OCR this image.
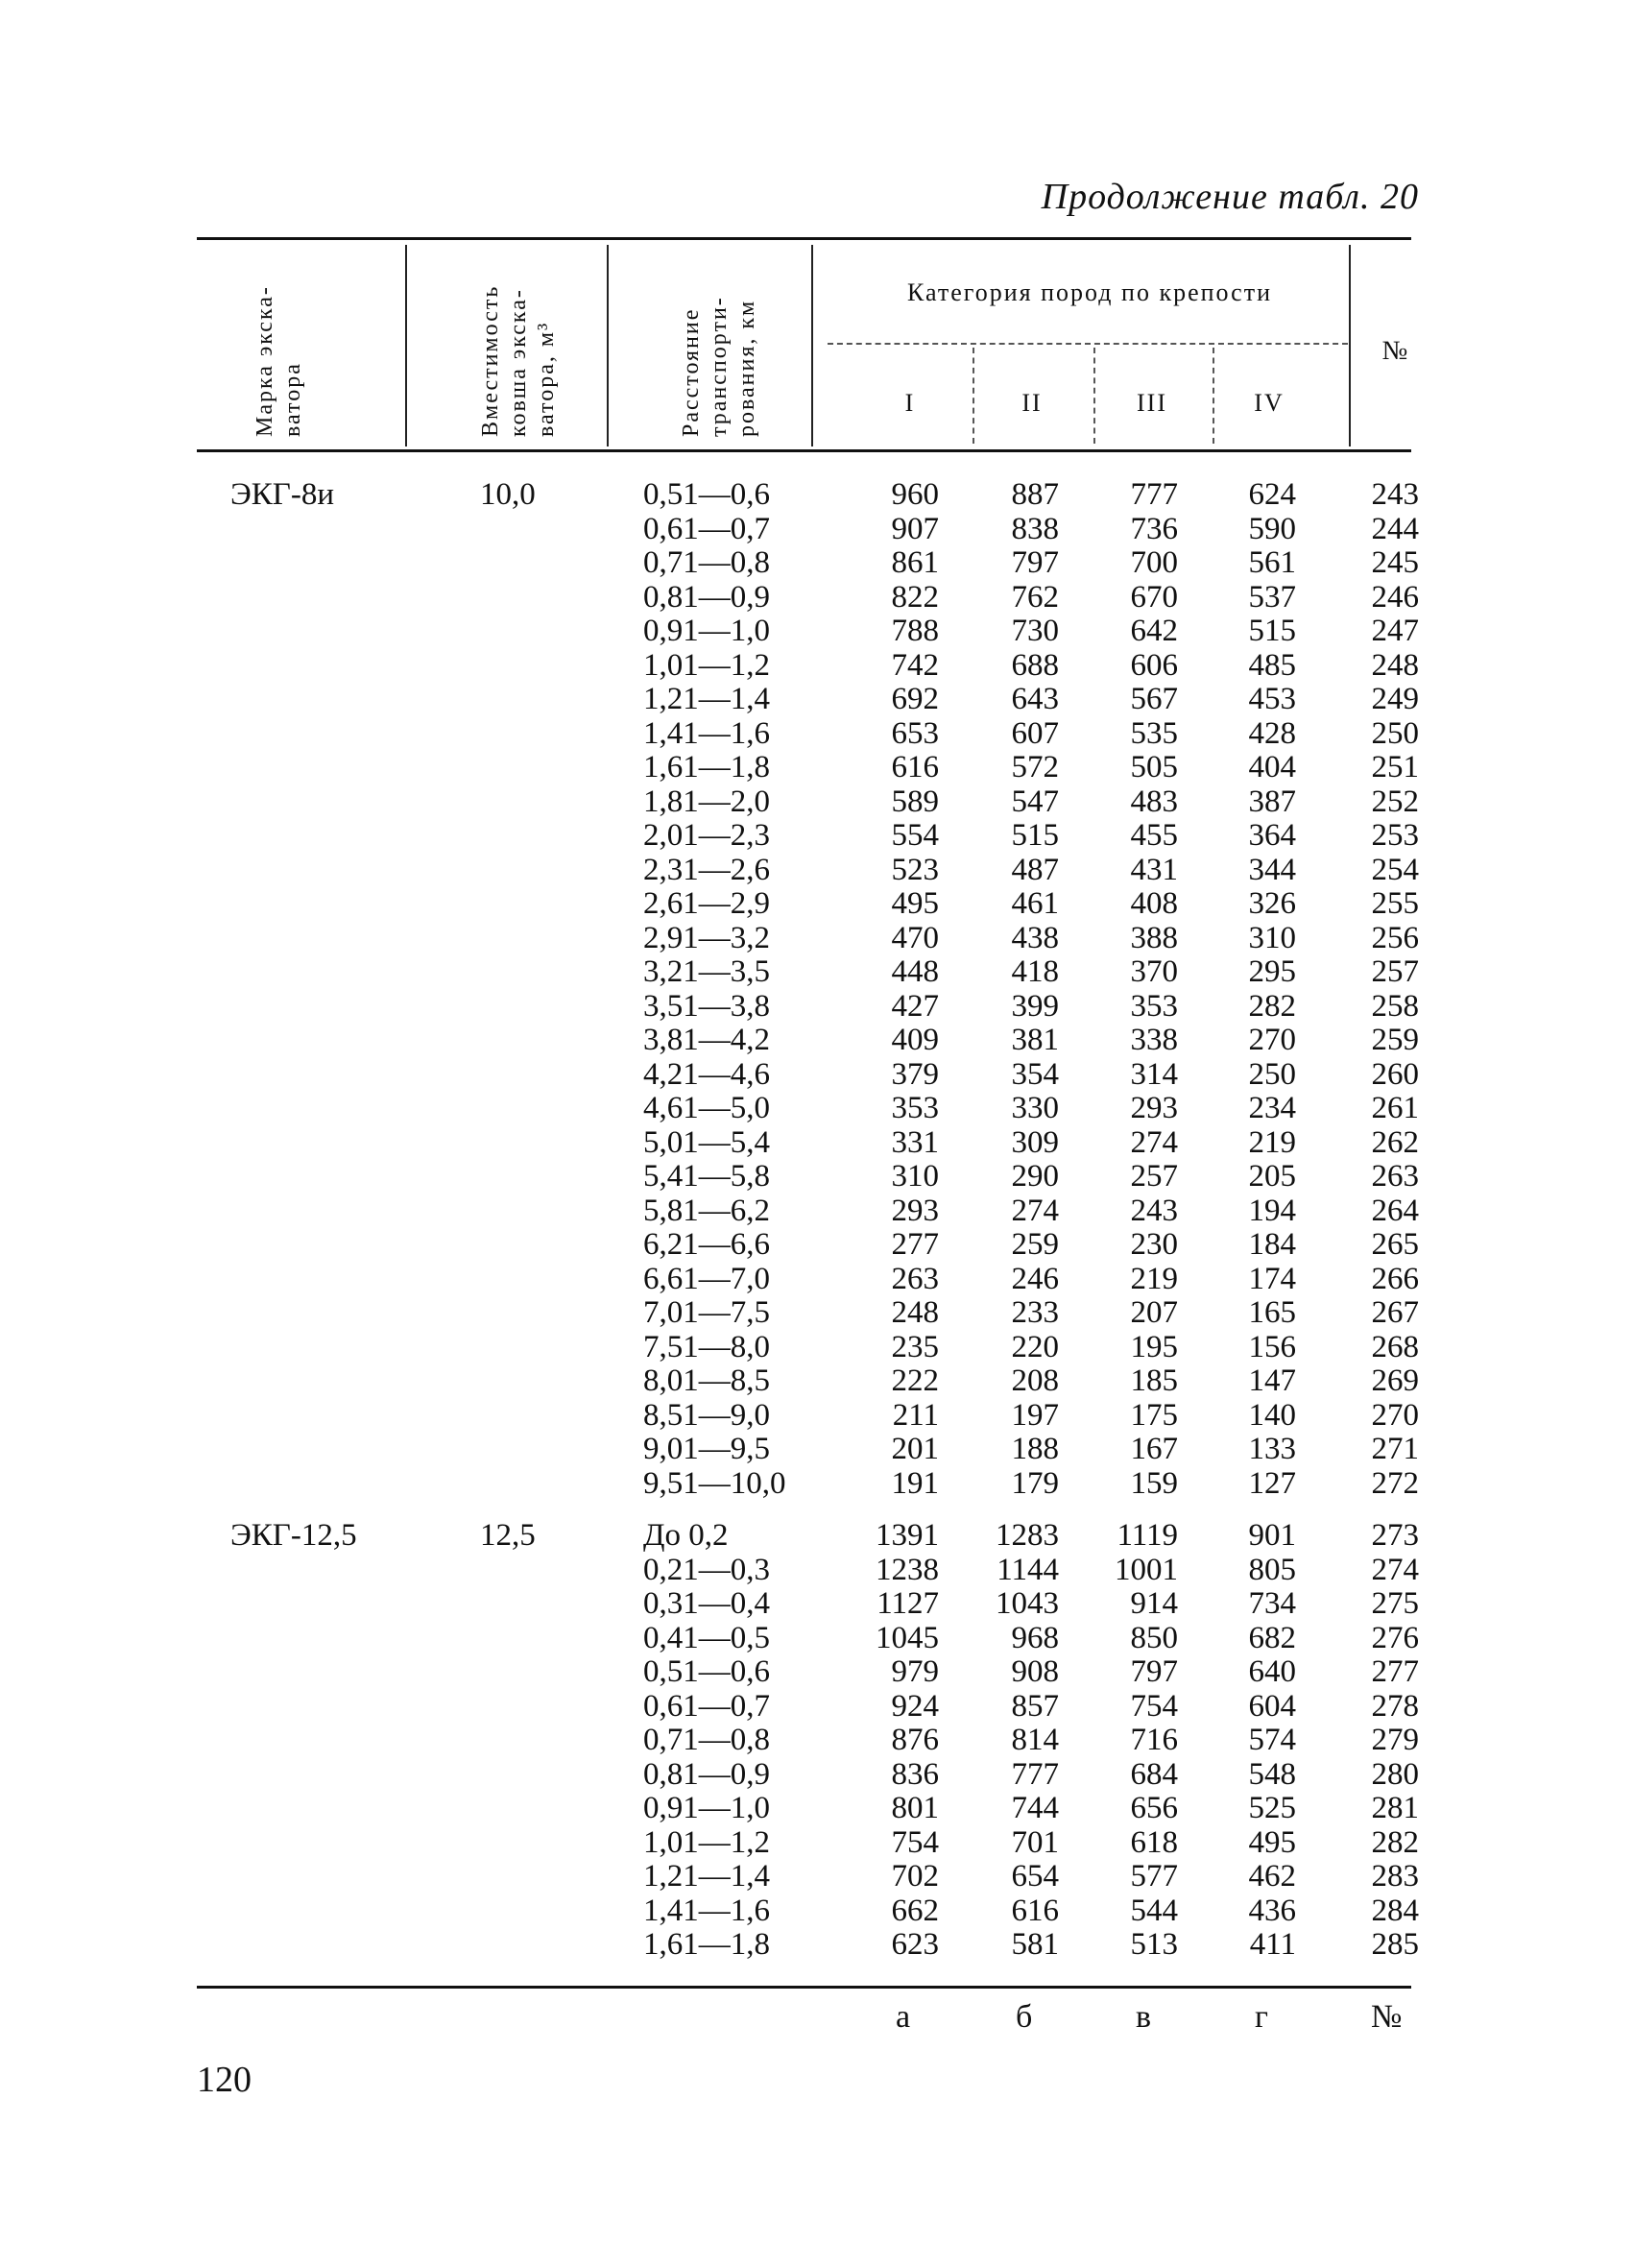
Продолжение табл. 20
Марка экска- ватора	Вместимость ковша экска- ватора, м³	Расстояние транспорти- рования, км
Категория пород по крепости
№
I	II	III	IV
ЭКГ-8и	10,0	0,51—0,6	960 887 777 624 243
0,61—0,7	907 838 736 590 244
0,71—0,8	861 797 700 561 245
0,81—0,9	822 762 670 537 246
0,91—1,0	788 730 642 515 247
1,01—1,2	742 688 606 485 248
1,21—1,4	692 643 567 453 249
1,41—1,6	653 607 535 428 250
1,61—1,8	616 572 505 404 251
1,81—2,0	589 547 483 387 252
2,01—2,3	554 515 455 364 253
2,31—2,6	523 487 431 344 254
2,61—2,9	495 461 408 326 255
2,91—3,2	470 438 388 310 256
3,21—3,5	448 418 370 295 257
3,51—3,8	427 399 353 282 258
3,81—4,2	409 381 338 270 259
4,21—4,6	379 354 314 250 260
4,61—5,0	353 330 293 234 261
5,01—5,4	331 309 274 219 262
5,41—5,8	310 290 257 205 263
5,81—6,2	293 274 243 194 264
6,21—6,6	277 259 230 184 265
6,61—7,0	263 246 219 174 266
7,01—7,5	248 233 207 165 267
7,51—8,0	235 220 195 156 268
8,01—8,5	222 208 185 147 269
8,51—9,0	211 197 175 140 270
9,01—9,5	201 188 167 133 271
9,51—10,0	191 179 159 127 272
ЭКГ-12,5	12,5	До 0,2	1391 1283 1119 901 273
0,21—0,3	1238 1144 1001 805 274
0,31—0,4	1127 1043 914 734 275
0,41—0,5	1045 968 850 682 276
0,51—0,6	979 908 797 640 277
0,61—0,7	924 857 754 604 278
0,71—0,8	876 814 716 574 279
0,81—0,9	836 777 684 548 280
0,91—1,0	801 744 656 525 281
1,01—1,2	754 701 618 495 282
1,21—1,4	702 654 577 462 283
1,41—1,6	662 616 544 436 284
1,61—1,8	623 581 513 411 285
а	б	в	г	№
120
